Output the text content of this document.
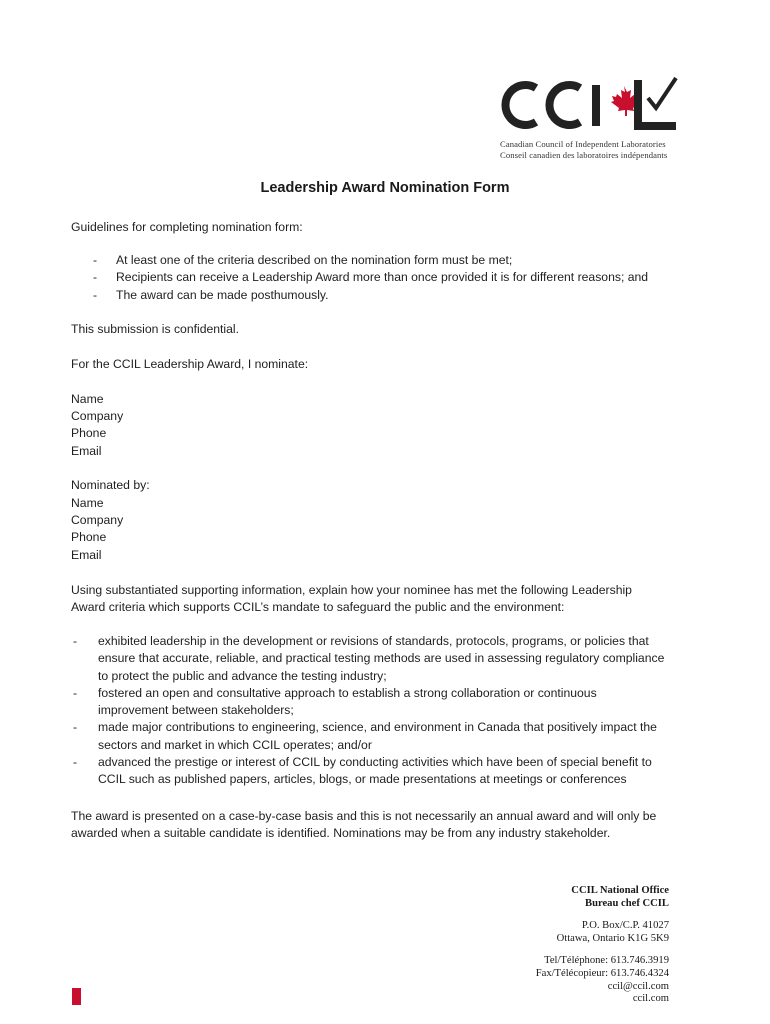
Canadian Council of Independent Laboratories
Conseil canadien des laboratoires indépendants
Leadership Award Nomination Form
Guidelines for completing nomination form:
- At least one of the criteria described on the nomination form must be met;
- Recipients can receive a Leadership Award more than once provided it is for different reasons; and
- The award can be made posthumously.
This submission is confidential.
For the CCIL Leadership Award, I nominate:
Name
Company
Phone
Email
Nominated by:
Name
Company
Phone
Email
Using substantiated supporting information, explain how your nominee has met the following Leadership
Award criteria which supports CCIL’s mandate to safeguard the public and the environment:
- exhibited leadership in the development or revisions of standards, protocols, programs, or policies that
ensure that accurate, reliable, and practical testing methods are used in assessing regulatory compliance
to protect the public and advance the testing industry;
- fostered an open and consultative approach to establish a strong collaboration or continuous
improvement between stakeholders;
- made major contributions to engineering, science, and environment in Canada that positively impact the
sectors and market in which CCIL operates; and/or
- advanced the prestige or interest of CCIL by conducting activities which have been of special benefit to
CCIL such as published papers, articles, blogs, or made presentations at meetings or conferences
The award is presented on a case-by-case basis and this is not necessarily an annual award and will only be
awarded when a suitable candidate is identified. Nominations may be from any industry stakeholder.
CCIL National Office
Bureau chef CCIL
P.O. Box/C.P. 41027
Ottawa, Ontario K1G 5K9
Tel/Téléphone: 613.746.3919
Fax/Télécopieur: 613.746.4324
ccil@ccil.com
ccil.com
